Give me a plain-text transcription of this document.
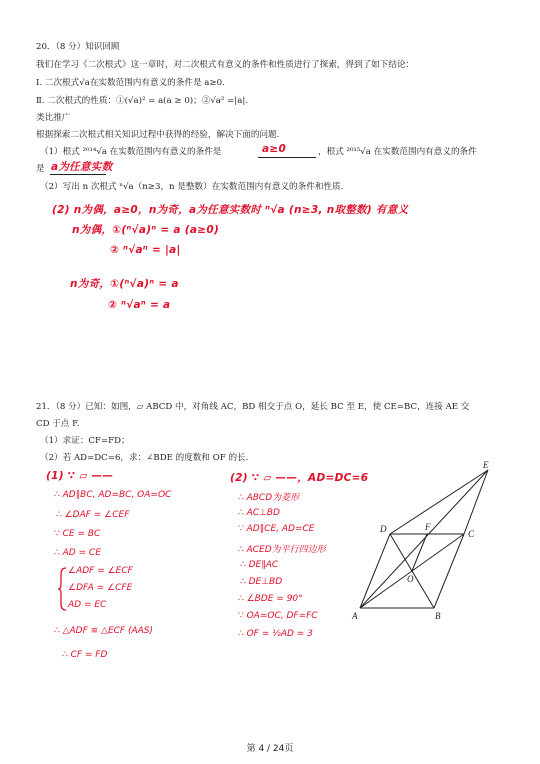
20．（8 分）知识回顾
我们在学习《二次根式》这一章时，对二次根式有意义的条件和性质进行了探索，得到了如下结论：
Ⅰ. 二次根式√a在实数范围内有意义的条件是 a≥0.
Ⅱ. 二次根式的性质：①(√a)² = a(a ≥ 0)；②√a² =|a|.
类比推广
根据探索二次根式相关知识过程中获得的经验，解决下面的问题.
（1）根式 ²⁰¹⁴√a 在实数范围内有意义的条件是	a≥0	，根式 ²⁰¹⁵√a 在实数范围内有意义的条件
是 a为任意实数
（2）写出 n 次根式 ⁿ√a（n≥3，n 是整数）在实数范围内有意义的条件和性质.
(2) n为偶，a≥0，n为奇，a为任意实数时 ⁿ√a (n≥3, n取整数) 有意义
n为偶，①(ⁿ√a)ⁿ = a (a≥0)
② ⁿ√aⁿ = |a|
n为奇，①(ⁿ√a)ⁿ = a
② ⁿ√aⁿ = a
21．（8 分）已知：如图，▱ ABCD 中，对角线 AC，BD 相交于点 O，延长 BC 至 E，使 CE=BC，连接 AE 交
CD 于点 F.
（1）求证：CF=FD；
（2）若 AD=DC=6，求：∠BDE 的度数和 OF 的长.
(1) ∵ ▱ ——
∴ AD∥BC, AD=BC, OA=OC
∴ ∠DAF = ∠CEF
∵ CE = BC
∴ AD = CE
∠ADF = ∠ECF
∠DFA = ∠CFE
AD = EC
∴ △ADF ≌ △ECF (AAS)
∴ CF = FD
(2) ∵ ▱ ——，AD=DC=6
∴ ABCD为菱形
∴ AC⊥BD
∵ AD∥CE, AD=CE
∴ ACED为平行四边形
∴ DE∥AC
∴ DE⊥BD
∴ ∠BDE = 90°
∵ OA=OC, DF=FC
∴ OF = ½AD = 3
E
D	F
C
O
A	B
第 4 / 24页
